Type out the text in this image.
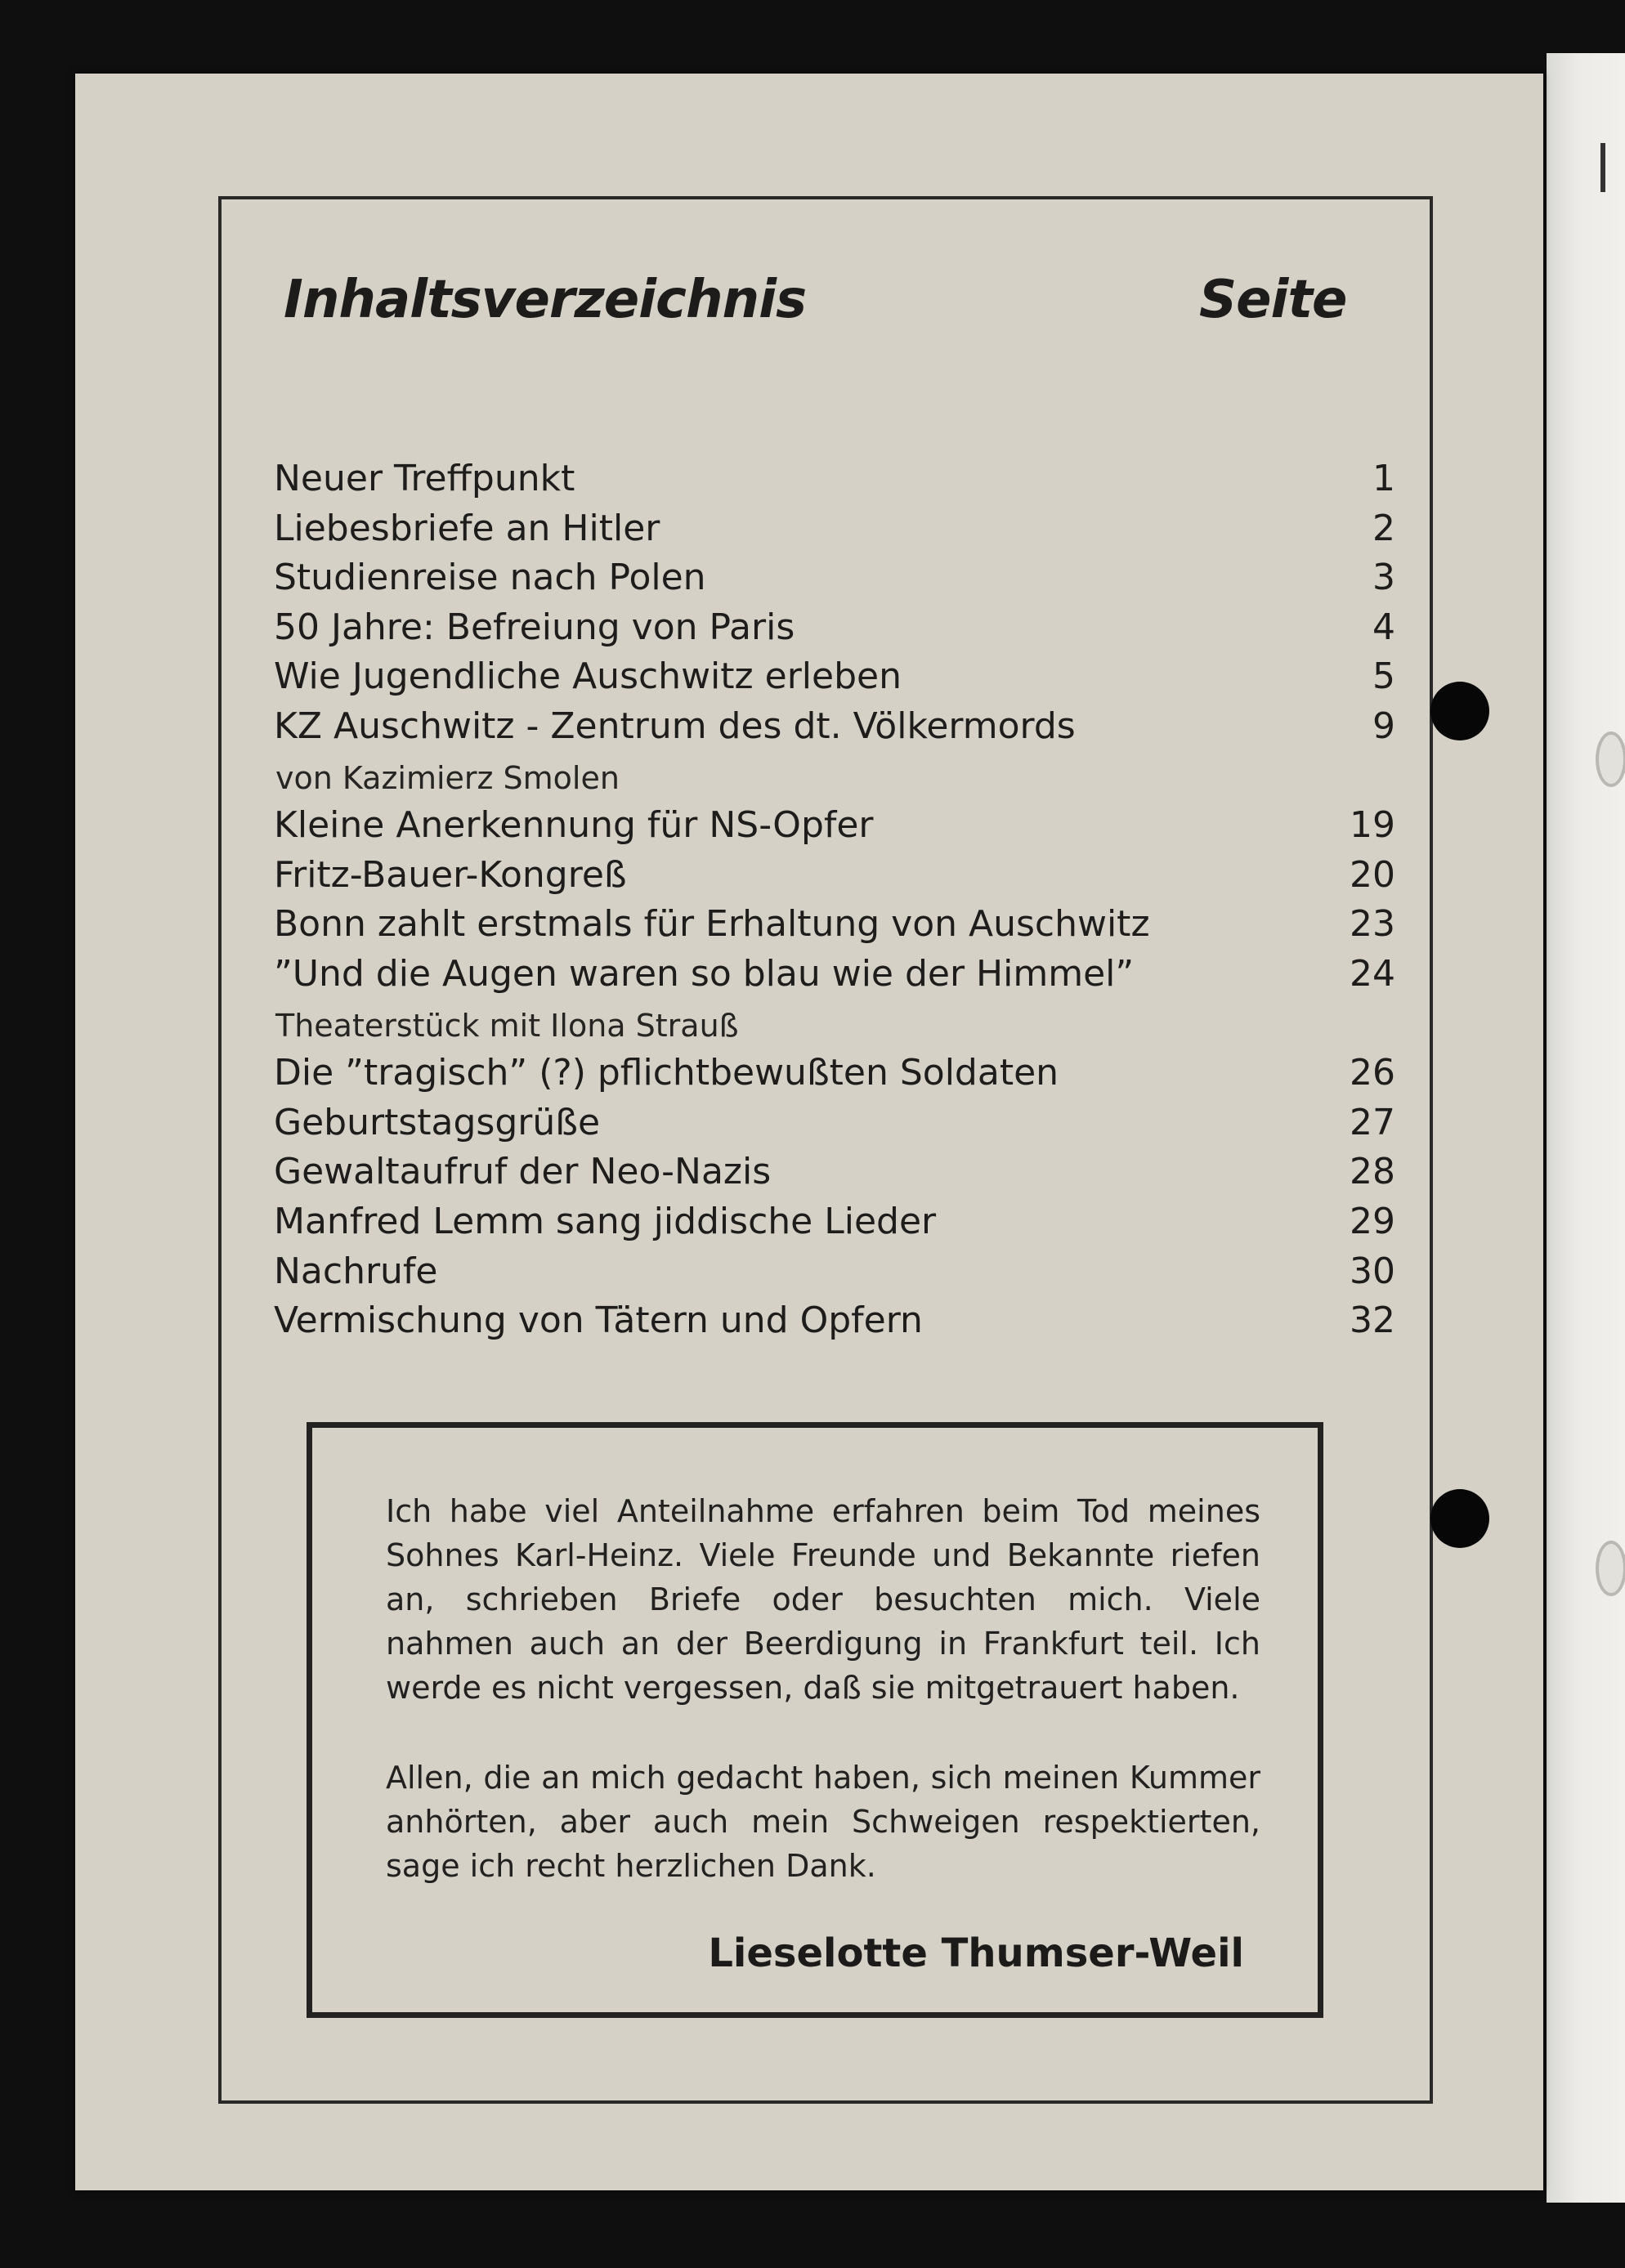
Inhaltsverzeichnis	Seite
Neuer Treffpunkt	1
Liebesbriefe an Hitler	2
Studienreise nach Polen	3
50 Jahre: Befreiung von Paris	4
Wie Jugendliche Auschwitz erleben	5
KZ Auschwitz - Zentrum des dt. Völkermords	9
von Kazimierz Smolen
Kleine Anerkennung für NS-Opfer	19
Fritz-Bauer-Kongreß	20
Bonn zahlt erstmals für Erhaltung von Auschwitz	23
”Und die Augen waren so blau wie der Himmel”	24
Theaterstück mit Ilona Strauß
Die ”tragisch” (?) pflichtbewußten Soldaten	26
Geburtstagsgrüße	27
Gewaltaufruf der Neo-Nazis	28
Manfred Lemm sang jiddische Lieder	29
Nachrufe	30
Vermischung von Tätern und Opfern	32

Ich habe viel Anteilnahme erfahren beim Tod meines Sohnes Karl-Heinz. Viele Freunde und Bekannte riefen an, schrieben Briefe oder besuchten mich. Viele nahmen auch an der Beerdigung in Frankfurt teil. Ich werde es nicht vergessen, daß sie mitgetrauert haben.

Allen, die an mich gedacht haben, sich meinen Kummer anhörten, aber auch mein Schweigen respektierten, sage ich recht herzlichen Dank.

Lieselotte Thumser-Weil
